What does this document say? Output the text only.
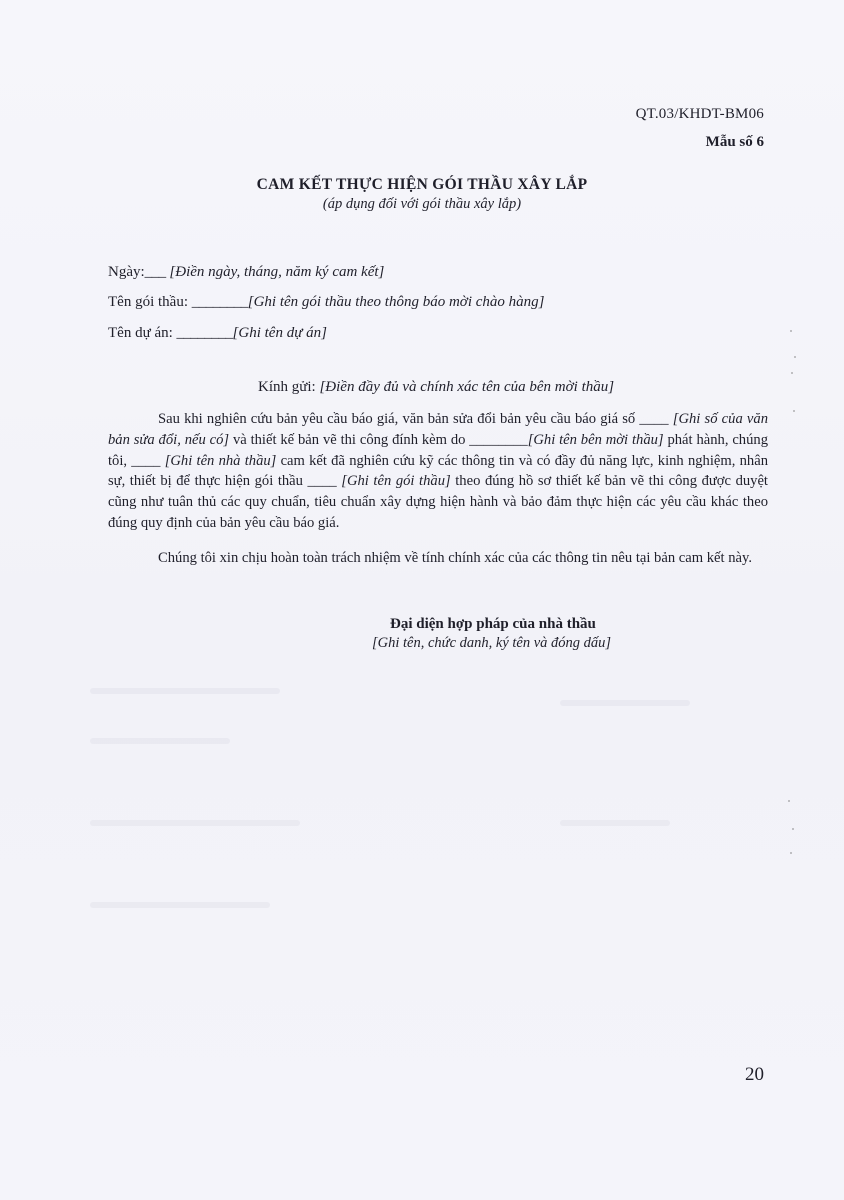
QT.03/KHDT-BM06
Mẫu số 6
CAM KẾT THỰC HIỆN GÓI THẦU XÂY LẮP
(áp dụng đối với gói thầu xây lắp)
Ngày:___ [Điền ngày, tháng, năm ký cam kết]
Tên gói thầu: ________[Ghi tên gói thầu theo thông báo mời chào hàng]
Tên dự án: ________[Ghi tên dự án]
Kính gửi: [Điền đầy đủ và chính xác tên của bên mời thầu]
Sau khi nghiên cứu bản yêu cầu báo giá, văn bản sửa đổi bản yêu cầu báo giá số ____ [Ghi số của văn bản sửa đổi, nếu có] và thiết kế bản vẽ thi công đính kèm do ________[Ghi tên bên mời thầu] phát hành, chúng tôi, ____ [Ghi tên nhà thầu] cam kết đã nghiên cứu kỹ các thông tin và có đầy đủ năng lực, kinh nghiệm, nhân sự, thiết bị để thực hiện gói thầu ____ [Ghi tên gói thầu] theo đúng hồ sơ thiết kế bản vẽ thi công được duyệt cũng như tuân thủ các quy chuẩn, tiêu chuẩn xây dựng hiện hành và bảo đảm thực hiện các yêu cầu khác theo đúng quy định của bản yêu cầu báo giá.
Chúng tôi xin chịu hoàn toàn trách nhiệm về tính chính xác của các thông tin nêu tại bản cam kết này.
Đại diện hợp pháp của nhà thầu
[Ghi tên, chức danh, ký tên và đóng dấu]
20
